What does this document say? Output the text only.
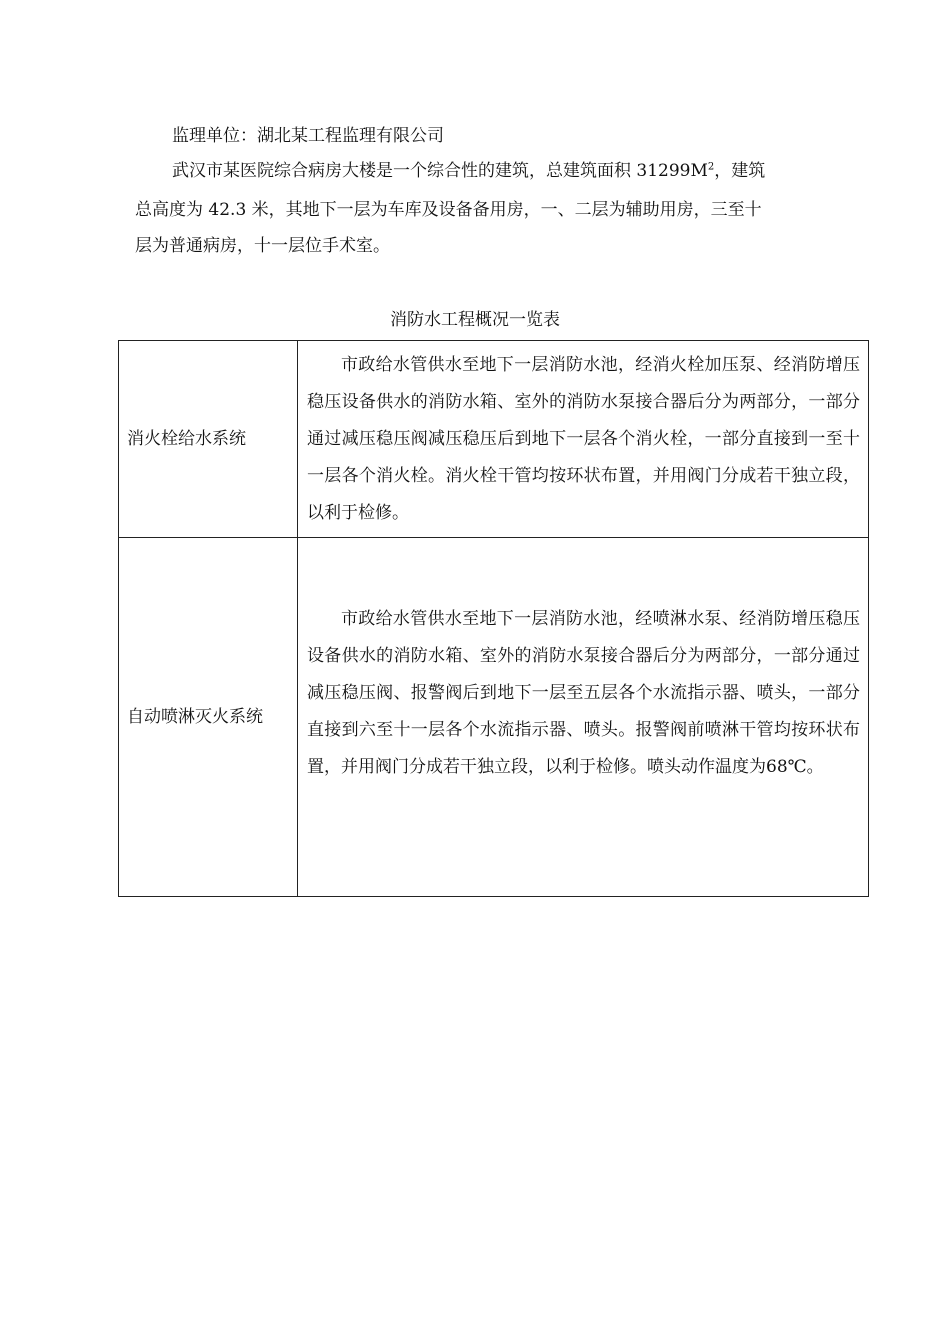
监理单位：湖北某工程监理有限公司
武汉市某医院综合病房大楼是一个综合性的建筑，总建筑面积 $31299M^2$，建筑
总高度为 42.3 米，其地下一层为车库及设备备用房，一、二层为辅助用房，三至十
层为普通病房，十一层位手术室。
消防水工程概况一览表
消火栓给水系统	市政给水管供水至地下一层消防水池，经消火栓加压泵、经消防增压稳压设备供水的消防水箱、室外的消防水泵接合器后分为两部分，一部分通过减压稳压阀减压稳压后到地下一层各个消火栓，一部分直接到一至十一层各个消火栓。消火栓干管均按环状布置，并用阀门分成若干独立段，以利于检修。
自动喷淋灭火系统	市政给水管供水至地下一层消防水池，经喷淋水泵、经消防增压稳压设备供水的消防水箱、室外的消防水泵接合器后分为两部分，一部分通过减压稳压阀、报警阀后到地下一层至五层各个水流指示器、喷头，一部分直接到六至十一层各个水流指示器、喷头。报警阀前喷淋干管均按环状布置，并用阀门分成若干独立段，以利于检修。喷头动作温度为68℃。
